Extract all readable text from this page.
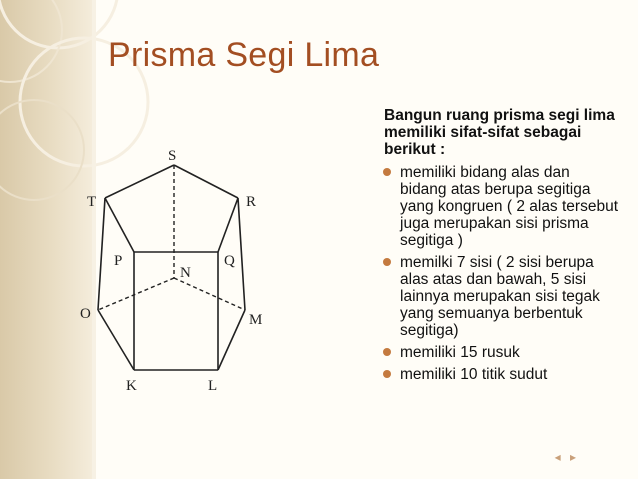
Prisma Segi Lima
S
T	R
P	Q
N
O	M
K	L
Bangun ruang prisma segi lima memiliki sifat-sifat sebagai berikut :
memiliki bidang alas dan bidang atas berupa segitiga yang kongruen ( 2 alas tersebut juga merupakan sisi prisma segitiga )
memilki 7 sisi ( 2 sisi berupa alas atas dan bawah, 5 sisi lainnya merupakan sisi tegak yang semuanya berbentuk segitiga)
memiliki 15 rusuk
memiliki 10 titik sudut
◂ ▸
